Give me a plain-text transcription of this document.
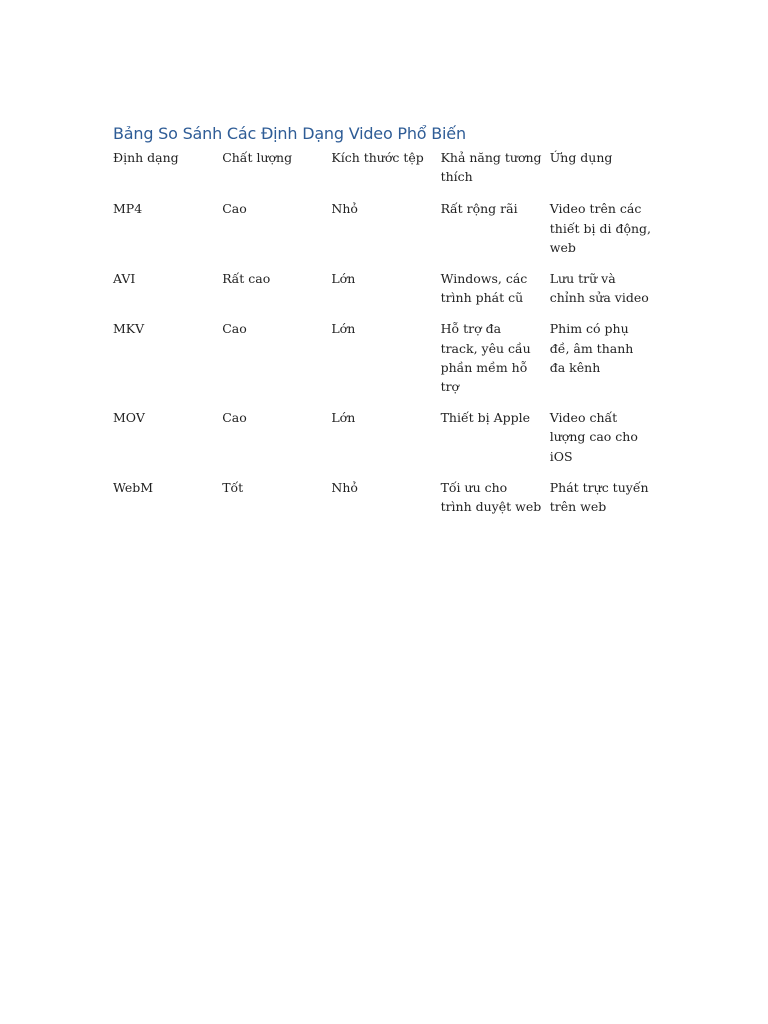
Bảng So Sánh Các Định Dạng Video Phổ Biến
Định dạng	Chất lượng	Kích thước tệp	Khả năng tương thích	Ứng dụng
MP4	Cao	Nhỏ	Rất rộng rãi	Video trên các thiết bị di động, web
AVI	Rất cao	Lớn	Windows, các trình phát cũ	Lưu trữ và chỉnh sửa video
MKV	Cao	Lớn	Hỗ trợ đa track, yêu cầu phần mềm hỗ trợ	Phim có phụ đề, âm thanh đa kênh
MOV	Cao	Lớn	Thiết bị Apple	Video chất lượng cao cho iOS
WebM	Tốt	Nhỏ	Tối ưu cho trình duyệt web	Phát trực tuyến trên web
